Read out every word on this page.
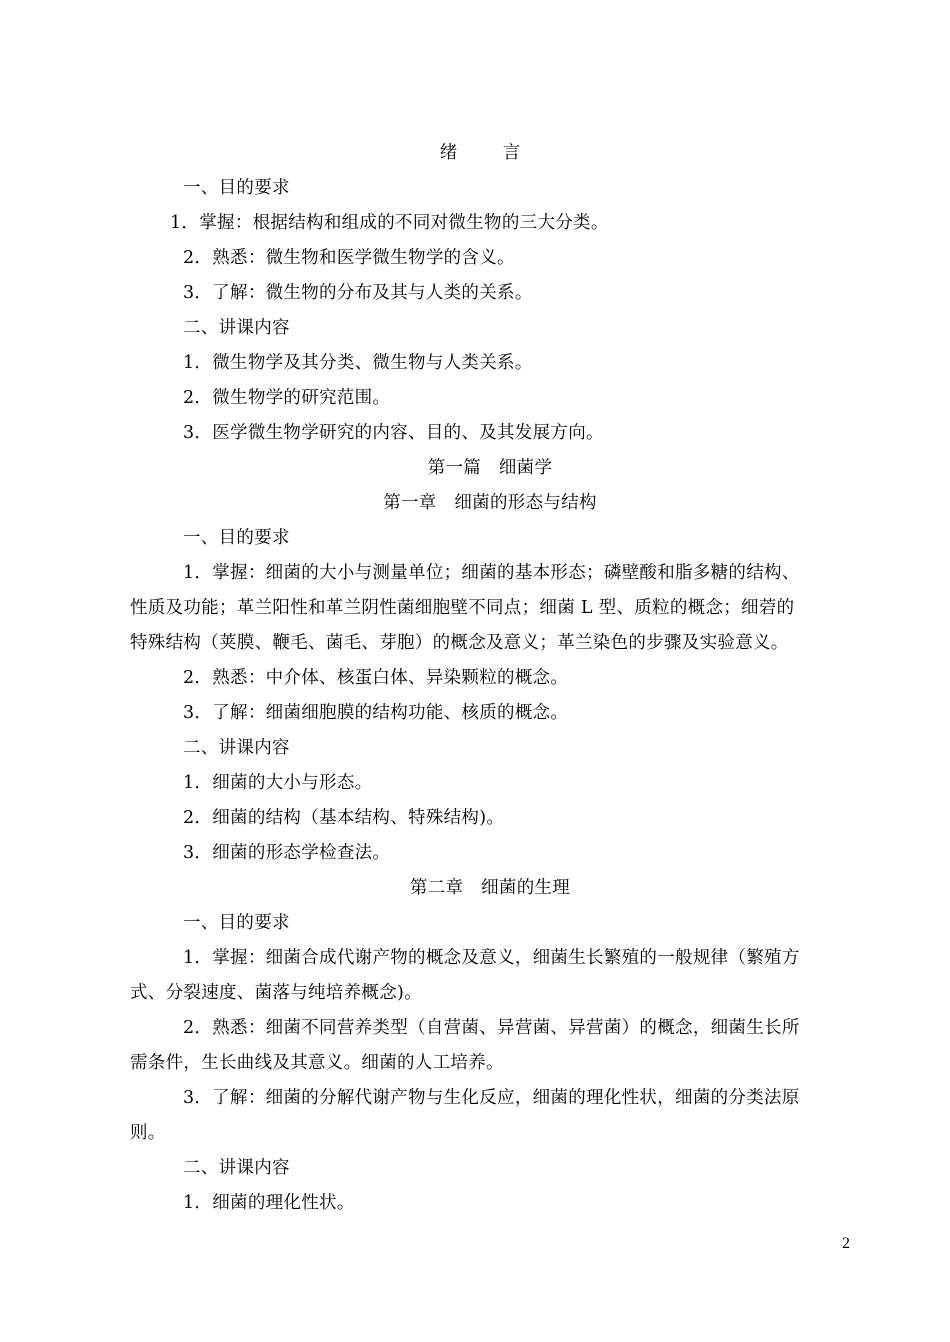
绪 言
一、目的要求
1．掌握：根据结构和组成的不同对微生物的三大分类。
2．熟悉：微生物和医学微生物学的含义。
3．了解：微生物的分布及其与人类的关系。
二、讲课内容
1．微生物学及其分类、微生物与人类关系。
2．微生物学的研究范围。
3．医学微生物学研究的内容、目的、及其发展方向。
第一篇　细菌学
第一章　细菌的形态与结构
一、目的要求
1．掌握：细菌的大小与测量单位；细菌的基本形态；磷壁酸和脂多糖的结构、
性质及功能；革兰阳性和革兰阴性菌细胞壁不同点；细菌 L 型、质粒的概念；细菪的
特殊结构（荚膜、鞭毛、菌毛、芽胞）的概念及意义；革兰染色的步骤及实验意义。
2．熟悉：中介体、核蛋白体、异染颗粒的概念。
3．了解：细菌细胞膜的结构功能、核质的概念。
二、讲课内容
1．细菌的大小与形态。
2．细菌的结构（基本结构、特殊结构)。
3．细菌的形态学检查法。
第二章　细菌的生理
一、目的要求
1．掌握：细菌合成代谢产物的概念及意义，细菌生长繁殖的一般规律（繁殖方
式、分裂速度、菌落与纯培养概念)。
2．熟悉：细菌不同营养类型（自营菌、异营菌、异营菌）的概念，细菌生长所
需条件，生长曲线及其意义。细菌的人工培养。
3．了解：细菌的分解代谢产物与生化反应，细菌的理化性状，细菌的分类法原
则。
二、讲课内容
1．细菌的理化性状。
2
